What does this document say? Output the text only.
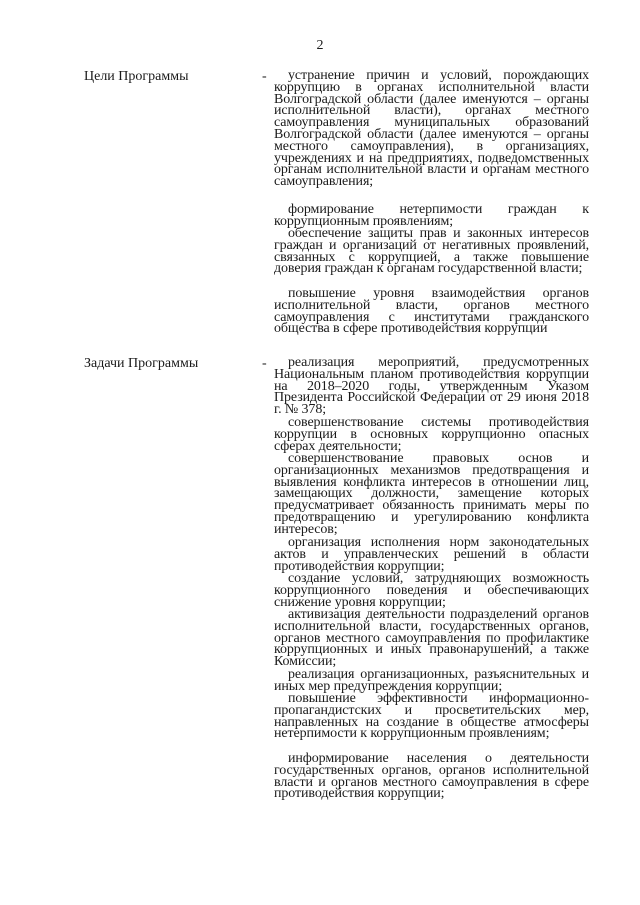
2
Цели Программы	-	устранение причин и условий, порождающих коррупцию в органах исполнительной власти Волгоградской области (далее именуются – органы исполнительной власти), органах местного самоуправления муниципальных образований Волгоградской области (далее именуются – органы местного самоуправления), в организациях, учреждениях и на предприятиях, подведомственных органам исполнительной власти и органам местного самоуправления;

формирование нетерпимости граждан к коррупционным проявлениям;

обеспечение защиты прав и законных интересов граждан и организаций от негативных проявлений, связанных с коррупцией, а также повышение доверия граждан к органам государственной власти;

повышение уровня взаимодействия органов исполнительной власти, органов местного самоуправления с институтами гражданского общества в сфере противодействия коррупции

Задачи Программы	-	реализация мероприятий, предусмотренных Национальным планом противодействия коррупции на 2018–2020 годы, утвержденным Указом Президента Российской Федерации от 29 июня 2018 г. № 378;

совершенствование системы противодействия коррупции в основных коррупционно опасных сферах деятельности;

совершенствование правовых основ и организационных механизмов предотвращения и выявления конфликта интересов в отношении лиц, замещающих должности, замещение которых предусматривает обязанность принимать меры по предотвращению и урегулированию конфликта интересов;

организация исполнения норм законодательных актов и управленческих решений в области противодействия коррупции;

создание условий, затрудняющих возможность коррупционного поведения и обеспечивающих снижение уровня коррупции;

активизация деятельности подразделений органов исполнительной власти, государственных органов, органов местного самоуправления по профилактике коррупционных и иных правонарушений, а также Комиссии;

реализация организационных, разъяснительных и иных мер предупреждения коррупции;

повышение эффективности информационно-пропагандистских и просветительских мер, направленных на создание в обществе атмосферы нетерпимости к коррупционным проявлениям;

информирование населения о деятельности государственных органов, органов исполнительной власти и органов местного самоуправления в сфере противодействия коррупции;
